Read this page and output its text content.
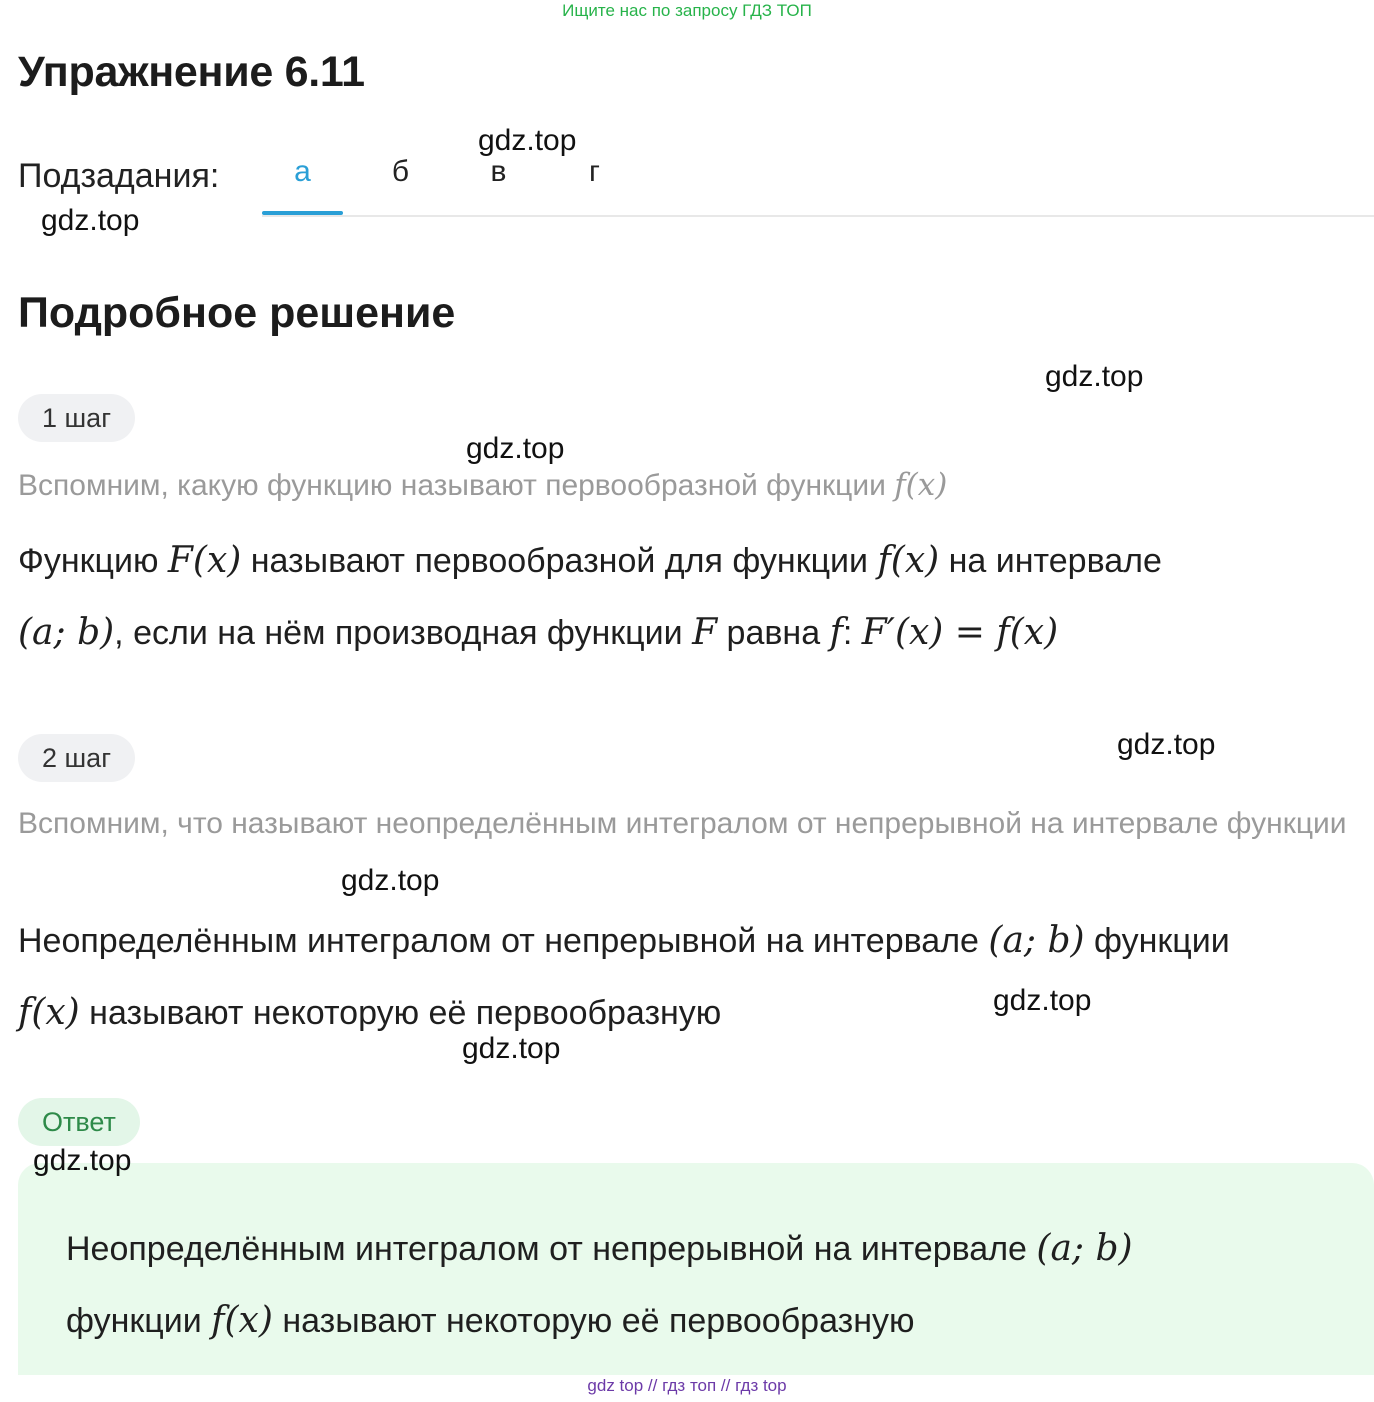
Ищите нас по запросу ГДЗ ТОП
Упражнение 6.11
Подзадания:	а	б	в	г
Подробное решение
1 шаг
Вспомним, какую функцию называют первообразной функции f(x)
Функцию F(x) называют первообразной для функции f(x) на интервале
(a; b), если на нём производная функции F равна f: F′(x) = f(x)
2 шаг
Вспомним, что называют неопределённым интегралом от непрерывной на интервале функции
Неопределённым интегралом от непрерывной на интервале (a; b) функции
f(x) называют некоторую её первообразную
Ответ
Неопределённым интегралом от непрерывной на интервале (a; b)
функции f(x) называют некоторую её первообразную
gdz.top
gdz.top
gdz.top
gdz.top
gdz.top
gdz.top
gdz.top
gdz.top
gdz.top
gdz top // гдз топ // гдз top
